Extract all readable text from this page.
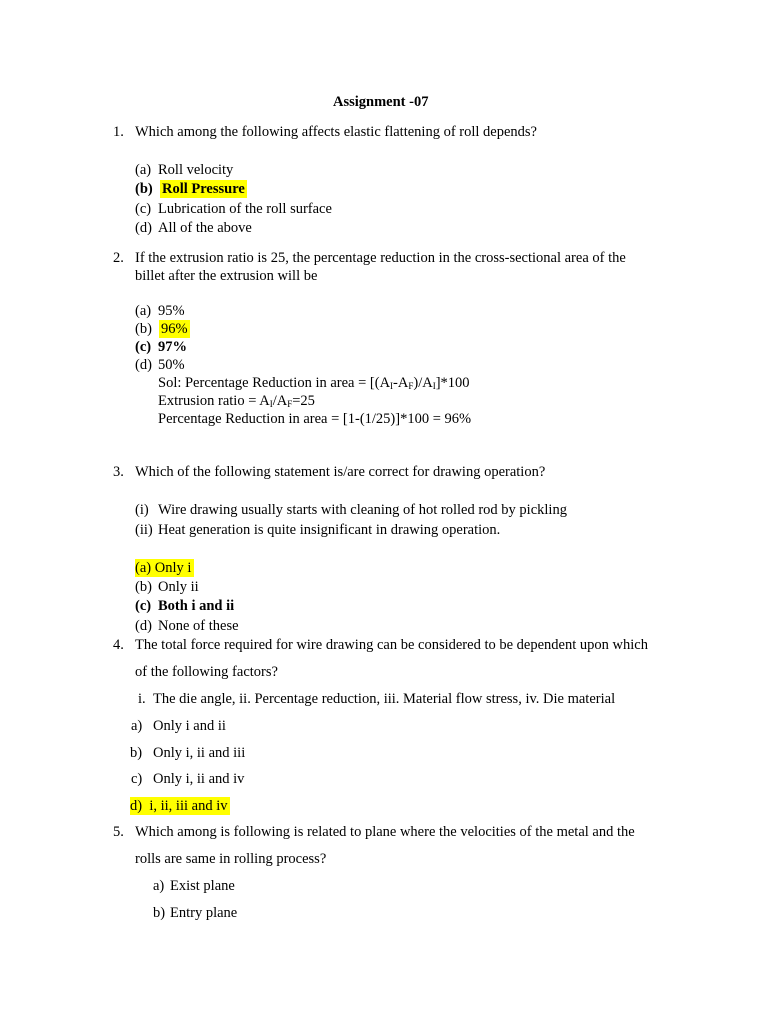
Assignment -07
1. Which among the following affects elastic flattening of roll depends?
(a) Roll velocity
(b) Roll Pressure
(c) Lubrication of the roll surface
(d) All of the above
2. If the extrusion ratio is 25, the percentage reduction in the cross-sectional area of the
billet after the extrusion will be
(a) 95%
(b) 96%
(c) 97%
(d) 50%
Sol: Percentage Reduction in area = $[(A_I-A_F)/A_I]*100$
Extrusion ratio = $A_I/A_F=25$
Percentage Reduction in area = [1-(1/25)]*100 = 96%
3. Which of the following statement is/are correct for drawing operation?
(i) Wire drawing usually starts with cleaning of hot rolled rod by pickling
(ii) Heat generation is quite insignificant in drawing operation.
(a) Only i
(b) Only ii
(c) Both i and ii
(d) None of these
4. The total force required for wire drawing can be considered to be dependent upon which
of the following factors?
i. The die angle, ii. Percentage reduction, iii. Material flow stress, iv. Die material
a) Only i and ii
b) Only i, ii and iii
c) Only i, ii and iv
d) i, ii, iii and iv
5. Which among is following is related to plane where the velocities of the metal and the
rolls are same in rolling process?
a) Exist plane
b) Entry plane
